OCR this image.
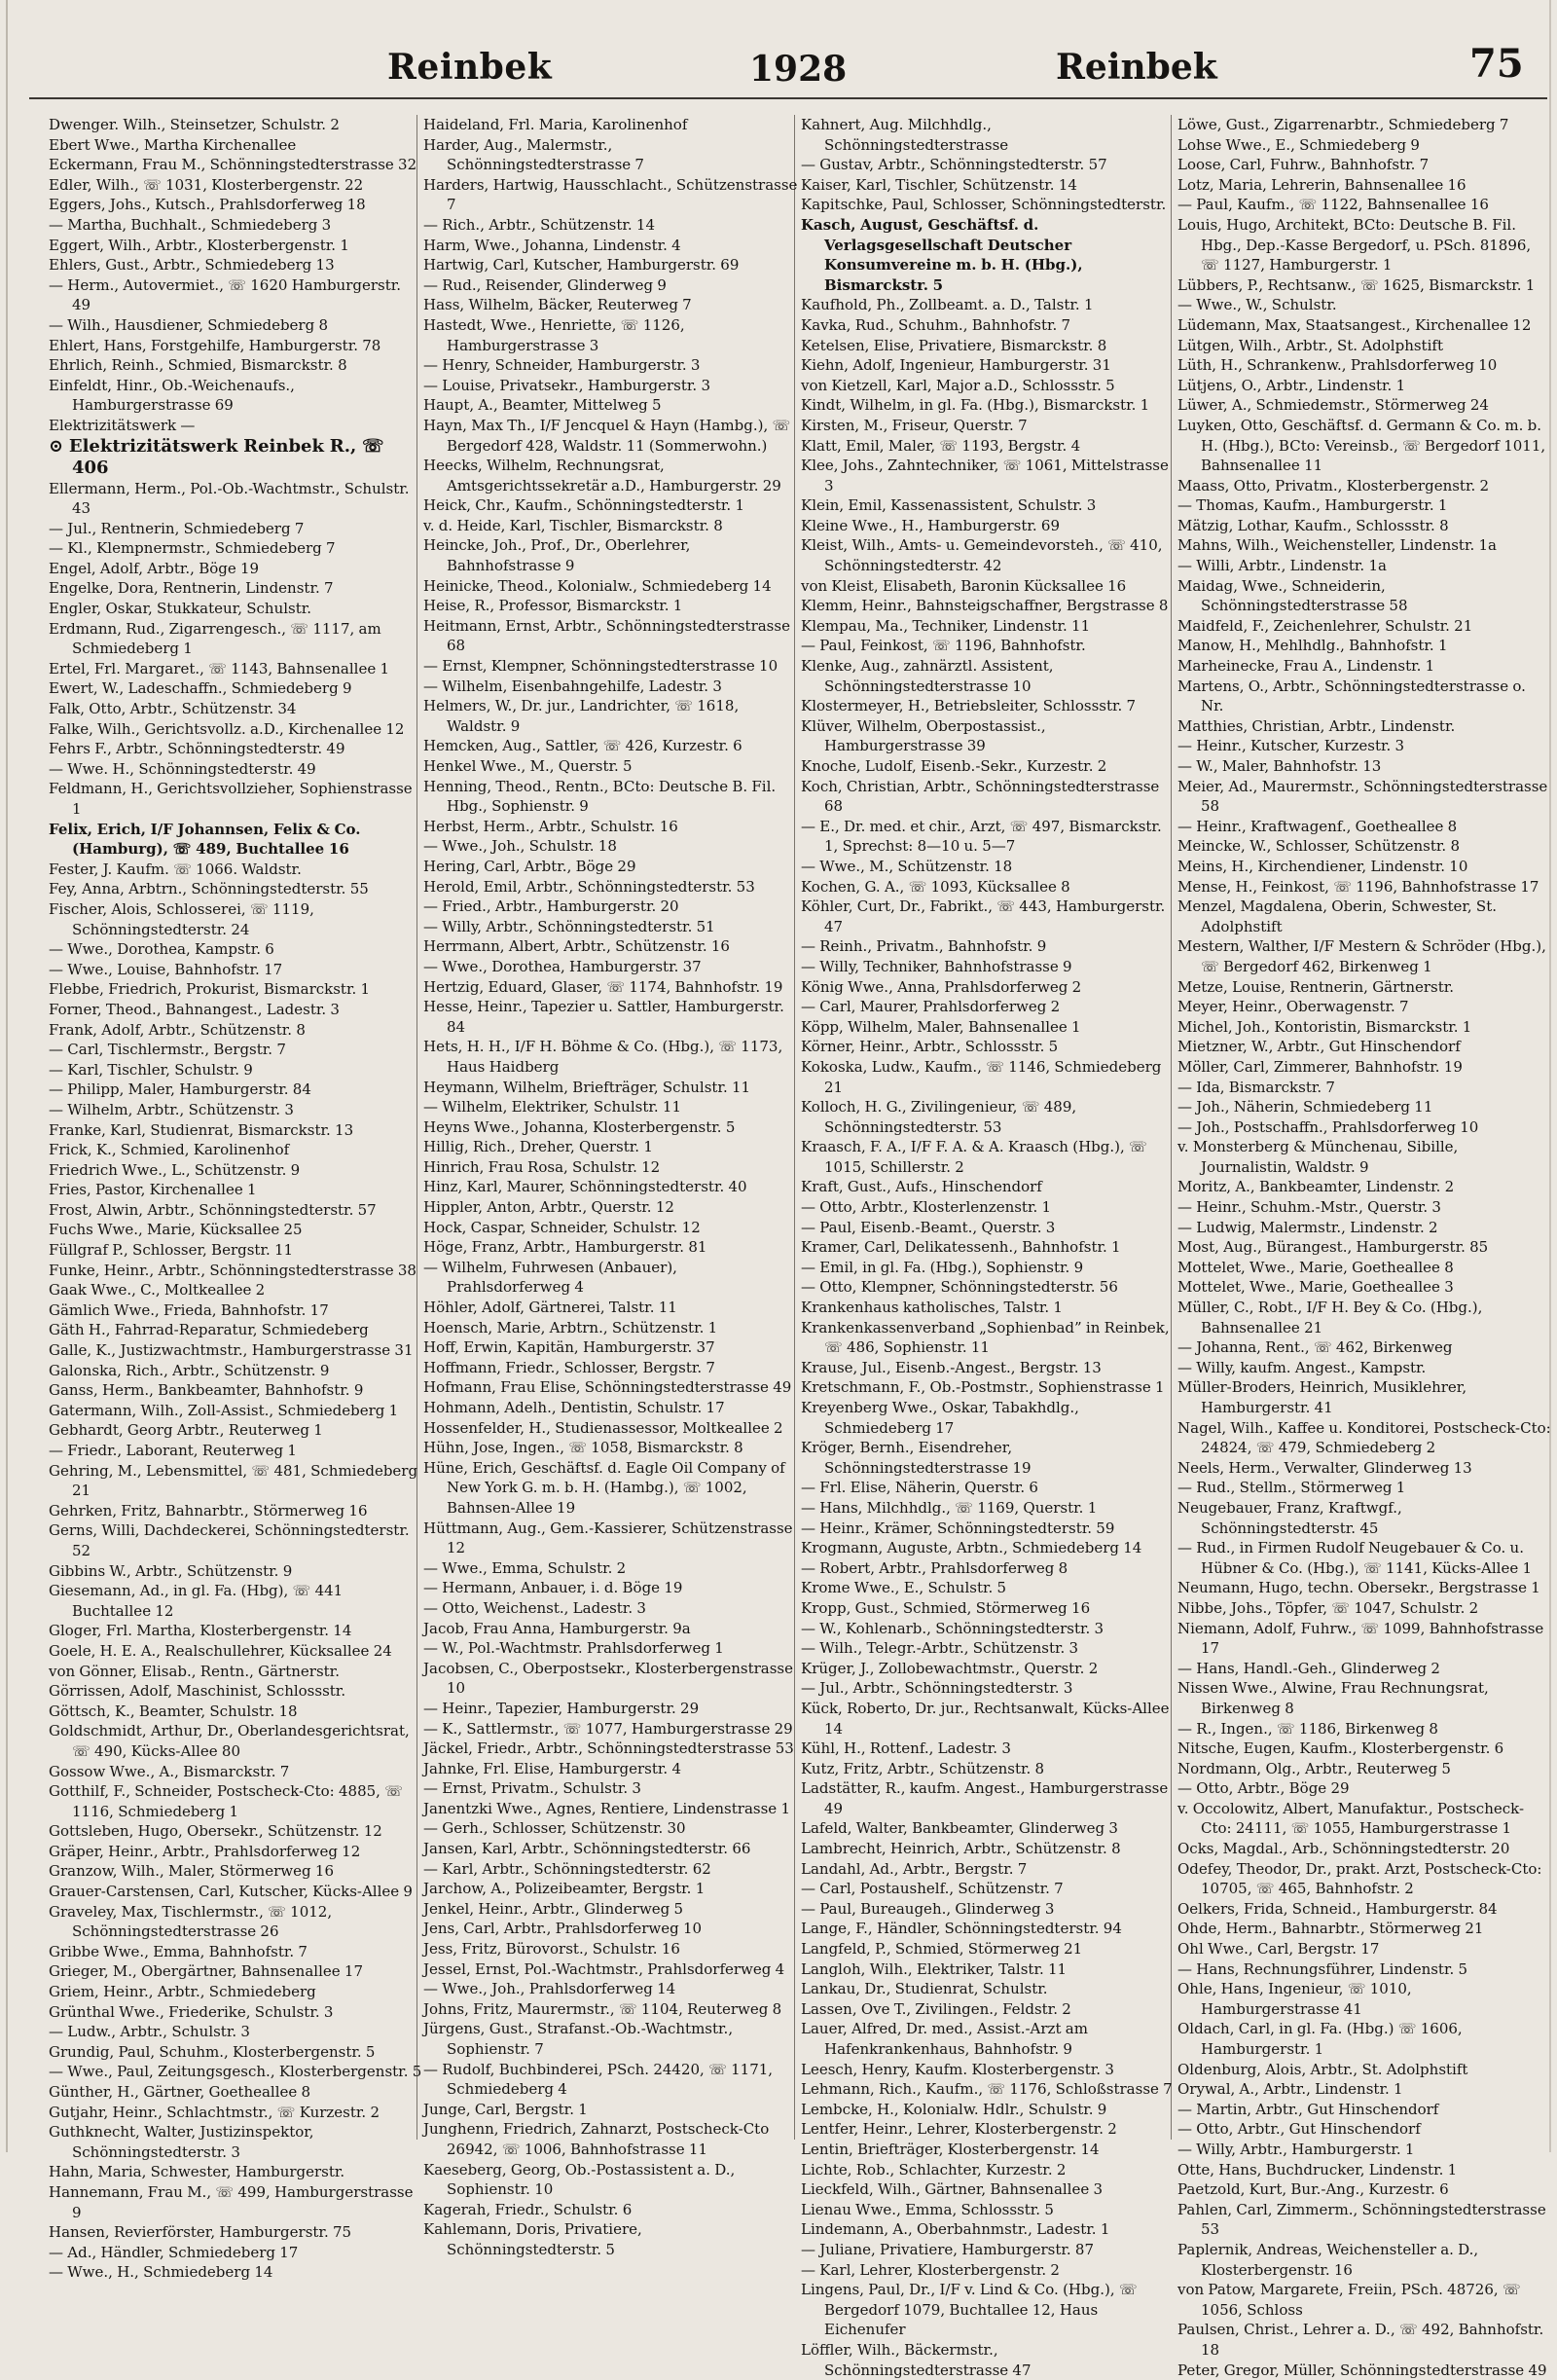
Reinbek	1928	Reinbek	75
Dwenger. Wilh., Steinsetzer, Schulstr. 2
Ebert Wwe., Martha Kirchenallee
Eckermann, Frau M., Schönningstedterstrasse 32
Edler, Wilh., ☏ 1031, Klosterbergenstr. 22
Eggers, Johs., Kutsch., Prahlsdorferweg 18
— Martha, Buchhalt., Schmiedeberg 3
Eggert, Wilh., Arbtr., Klosterbergenstr. 1
Ehlers, Gust., Arbtr., Schmiedeberg 13
— Herm., Autovermiet., ☏ 1620 Hamburgerstr. 49
— Wilh., Hausdiener, Schmiedeberg 8
Ehlert, Hans, Forstgehilfe, Hamburgerstr. 78
Ehrlich, Reinh., Schmied, Bismarckstr. 8
Einfeldt, Hinr., Ob.-Weichenaufs., Hamburgerstrasse 69
Elektrizitätswerk —
⊙ Elektrizitätswerk Reinbek R., ☏ 406
Ellermann, Herm., Pol.-Ob.-Wachtmstr., Schulstr. 43
— Jul., Rentnerin, Schmiedeberg 7
— Kl., Klempnermstr., Schmiedeberg 7
Engel, Adolf, Arbtr., Böge 19
Engelke, Dora, Rentnerin, Lindenstr. 7
Engler, Oskar, Stukkateur, Schulstr.
Erdmann, Rud., Zigarrengesch., ☏ 1117, am Schmiedeberg 1
Ertel, Frl. Margaret., ☏ 1143, Bahnsenallee 1
Ewert, W., Ladeschaffn., Schmiedeberg 9
Falk, Otto, Arbtr., Schützenstr. 34
Falke, Wilh., Gerichtsvollz. a.D., Kirchenallee 12
Fehrs F., Arbtr., Schönningstedterstr. 49
— Wwe. H., Schönningstedterstr. 49
Feldmann, H., Gerichtsvollzieher, Sophienstrasse 1
Felix, Erich, I/F Johannsen, Felix & Co. (Hamburg), ☏ 489, Buchtallee 16
Fester, J. Kaufm. ☏ 1066. Waldstr.
Fey, Anna, Arbtrn., Schönningstedterstr. 55
Fischer, Alois, Schlosserei, ☏ 1119, Schönningstedterstr. 24
— Wwe., Dorothea, Kampstr. 6
— Wwe., Louise, Bahnhofstr. 17
Flebbe, Friedrich, Prokurist, Bismarckstr. 1
Forner, Theod., Bahnangest., Ladestr. 3
Frank, Adolf, Arbtr., Schützenstr. 8
— Carl, Tischlermstr., Bergstr. 7
— Karl, Tischler, Schulstr. 9
— Philipp, Maler, Hamburgerstr. 84
— Wilhelm, Arbtr., Schützenstr. 3
Franke, Karl, Studienrat, Bismarckstr. 13
Frick, K., Schmied, Karolinenhof
Friedrich Wwe., L., Schützenstr. 9
Fries, Pastor, Kirchenallee 1
Frost, Alwin, Arbtr., Schönningstedterstr. 57
Fuchs Wwe., Marie, Kücksallee 25
Füllgraf P., Schlosser, Bergstr. 11
Funke, Heinr., Arbtr., Schönningstedterstrasse 38
Gaak Wwe., C., Moltkeallee 2
Gämlich Wwe., Frieda, Bahnhofstr. 17
Gäth H., Fahrrad-Reparatur, Schmiedeberg
Galle, K., Justizwachtmstr., Hamburgerstrasse 31
Galonska, Rich., Arbtr., Schützenstr. 9
Ganss, Herm., Bankbeamter, Bahnhofstr. 9
Gatermann, Wilh., Zoll-Assist., Schmiedeberg 1
Gebhardt, Georg Arbtr., Reuterweg 1
— Friedr., Laborant, Reuterweg 1
Gehring, M., Lebensmittel, ☏ 481, Schmiedeberg 21
Gehrken, Fritz, Bahnarbtr., Störmerweg 16
Gerns, Willi, Dachdeckerei, Schönningstedterstr. 52
Gibbins W., Arbtr., Schützenstr. 9
Giesemann, Ad., in gl. Fa. (Hbg), ☏ 441 Buchtallee 12
Gloger, Frl. Martha, Klosterbergenstr. 14
Goele, H. E. A., Realschullehrer, Kücksallee 24
von Gönner, Elisab., Rentn., Gärtnerstr.
Görrissen, Adolf, Maschinist, Schlossstr.
Göttsch, K., Beamter, Schulstr. 18
Goldschmidt, Arthur, Dr., Oberlandesgerichtsrat, ☏ 490, Kücks-Allee 80
Gossow Wwe., A., Bismarckstr. 7
Gotthilf, F., Schneider, Postscheck-Cto: 4885, ☏ 1116, Schmiedeberg 1
Gottsleben, Hugo, Obersekr., Schützenstr. 12
Gräper, Heinr., Arbtr., Prahlsdorferweg 12
Granzow, Wilh., Maler, Störmerweg 16
Grauer-Carstensen, Carl, Kutscher, Kücks-Allee 9
Graveley, Max, Tischlermstr., ☏ 1012, Schönningstedterstrasse 26
Gribbe Wwe., Emma, Bahnhofstr. 7
Grieger, M., Obergärtner, Bahnsenallee 17
Griem, Heinr., Arbtr., Schmiedeberg
Grünthal Wwe., Friederike, Schulstr. 3
— Ludw., Arbtr., Schulstr. 3
Grundig, Paul, Schuhm., Klosterbergenstr. 5
— Wwe., Paul, Zeitungsgesch., Klosterbergenstr. 5
Günther, H., Gärtner, Goetheallee 8
Gutjahr, Heinr., Schlachtmstr., ☏ Kurzestr. 2
Guthknecht, Walter, Justizinspektor, Schönningstedterstr. 3
Hahn, Maria, Schwester, Hamburgerstr.
Hannemann, Frau M., ☏ 499, Hamburgerstrasse 9
Hansen, Revierförster, Hamburgerstr. 75
— Ad., Händler, Schmiedeberg 17
— Wwe., H., Schmiedeberg 14
Haideland, Frl. Maria, Karolinenhof
Harder, Aug., Malermstr., Schönningstedterstrasse 7
Harders, Hartwig, Hausschlacht., Schützenstrasse 7
— Rich., Arbtr., Schützenstr. 14
Harm, Wwe., Johanna, Lindenstr. 4
Hartwig, Carl, Kutscher, Hamburgerstr. 69
— Rud., Reisender, Glinderweg 9
Hass, Wilhelm, Bäcker, Reuterweg 7
Hastedt, Wwe., Henriette, ☏ 1126, Hamburgerstrasse 3
— Henry, Schneider, Hamburgerstr. 3
— Louise, Privatsekr., Hamburgerstr. 3
Haupt, A., Beamter, Mittelweg 5
Hayn, Max Th., I/F Jencquel & Hayn (Hambg.), ☏ Bergedorf 428, Waldstr. 11 (Sommerwohn.)
Heecks, Wilhelm, Rechnungsrat, Amtsgerichtssekretär a.D., Hamburgerstr. 29
Heick, Chr., Kaufm., Schönningstedterstr. 1
v. d. Heide, Karl, Tischler, Bismarckstr. 8
Heincke, Joh., Prof., Dr., Oberlehrer, Bahnhofstrasse 9
Heinicke, Theod., Kolonialw., Schmiedeberg 14
Heise, R., Professor, Bismarckstr. 1
Heitmann, Ernst, Arbtr., Schönningstedterstrasse 68
— Ernst, Klempner, Schönningstedterstrasse 10
— Wilhelm, Eisenbahngehilfe, Ladestr. 3
Helmers, W., Dr. jur., Landrichter, ☏ 1618, Waldstr. 9
Hemcken, Aug., Sattler, ☏ 426, Kurzestr. 6
Henkel Wwe., M., Querstr. 5
Henning, Theod., Rentn., BCto: Deutsche B. Fil. Hbg., Sophienstr. 9
Herbst, Herm., Arbtr., Schulstr. 16
— Wwe., Joh., Schulstr. 18
Hering, Carl, Arbtr., Böge 29
Herold, Emil, Arbtr., Schönningstedterstr. 53
— Fried., Arbtr., Hamburgerstr. 20
— Willy, Arbtr., Schönningstedterstr. 51
Herrmann, Albert, Arbtr., Schützenstr. 16
— Wwe., Dorothea, Hamburgerstr. 37
Hertzig, Eduard, Glaser, ☏ 1174, Bahnhofstr. 19
Hesse, Heinr., Tapezier u. Sattler, Hamburgerstr. 84
Hets, H. H., I/F H. Böhme & Co. (Hbg.), ☏ 1173, Haus Haidberg
Heymann, Wilhelm, Briefträger, Schulstr. 11
— Wilhelm, Elektriker, Schulstr. 11
Heyns Wwe., Johanna, Klosterbergenstr. 5
Hillig, Rich., Dreher, Querstr. 1
Hinrich, Frau Rosa, Schulstr. 12
Hinz, Karl, Maurer, Schönningstedterstr. 40
Hippler, Anton, Arbtr., Querstr. 12
Hock, Caspar, Schneider, Schulstr. 12
Höge, Franz, Arbtr., Hamburgerstr. 81
— Wilhelm, Fuhrwesen (Anbauer), Prahlsdorferweg 4
Höhler, Adolf, Gärtnerei, Talstr. 11
Hoensch, Marie, Arbtrn., Schützenstr. 1
Hoff, Erwin, Kapitän, Hamburgerstr. 37
Hoffmann, Friedr., Schlosser, Bergstr. 7
Hofmann, Frau Elise, Schönningstedterstrasse 49
Hohmann, Adelh., Dentistin, Schulstr. 17
Hossenfelder, H., Studienassessor, Moltkeallee 2
Hühn, Jose, Ingen., ☏ 1058, Bismarckstr. 8
Hüne, Erich, Geschäftsf. d. Eagle Oil Company of New York G. m. b. H. (Hambg.), ☏ 1002, Bahnsen-Allee 19
Hüttmann, Aug., Gem.-Kassierer, Schützenstrasse 12
— Wwe., Emma, Schulstr. 2
— Hermann, Anbauer, i. d. Böge 19
— Otto, Weichenst., Ladestr. 3
Jacob, Frau Anna, Hamburgerstr. 9a
— W., Pol.-Wachtmstr. Prahlsdorferweg 1
Jacobsen, C., Oberpostsekr., Klosterbergenstrasse 10
— Heinr., Tapezier, Hamburgerstr. 29
— K., Sattlermstr., ☏ 1077, Hamburgerstrasse 29
Jäckel, Friedr., Arbtr., Schönningstedterstrasse 53
Jahnke, Frl. Elise, Hamburgerstr. 4
— Ernst, Privatm., Schulstr. 3
Janentzki Wwe., Agnes, Rentiere, Lindenstrasse 1
— Gerh., Schlosser, Schützenstr. 30
Jansen, Karl, Arbtr., Schönningstedterstr. 66
— Karl, Arbtr., Schönningstedterstr. 62
Jarchow, A., Polizeibeamter, Bergstr. 1
Jenkel, Heinr., Arbtr., Glinderweg 5
Jens, Carl, Arbtr., Prahlsdorferweg 10
Jess, Fritz, Bürovorst., Schulstr. 16
Jessel, Ernst, Pol.-Wachtmstr., Prahlsdorferweg 4
— Wwe., Joh., Prahlsdorferweg 14
Johns, Fritz, Maurermstr., ☏ 1104, Reuterweg 8
Jürgens, Gust., Strafanst.-Ob.-Wachtmstr., Sophienstr. 7
— Rudolf, Buchbinderei, PSch. 24420, ☏ 1171, Schmiedeberg 4
Junge, Carl, Bergstr. 1
Junghenn, Friedrich, Zahnarzt, Postscheck-Cto 26942, ☏ 1006, Bahnhofstrasse 11
Kaeseberg, Georg, Ob.-Postassistent a. D., Sophienstr. 10
Kagerah, Friedr., Schulstr. 6
Kahlemann, Doris, Privatiere, Schönningstedterstr. 5
Kahnert, Aug. Milchhdlg., Schönningstedterstrasse
— Gustav, Arbtr., Schönningstedterstr. 57
Kaiser, Karl, Tischler, Schützenstr. 14
Kapitschke, Paul, Schlosser, Schönningstedterstr.
Kasch, August, Geschäftsf. d. Verlagsgesellschaft Deutscher Konsumvereine m. b. H. (Hbg.), Bismarckstr. 5
Kaufhold, Ph., Zollbeamt. a. D., Talstr. 1
Kavka, Rud., Schuhm., Bahnhofstr. 7
Ketelsen, Elise, Privatiere, Bismarckstr. 8
Kiehn, Adolf, Ingenieur, Hamburgerstr. 31
von Kietzell, Karl, Major a.D., Schlossstr. 5
Kindt, Wilhelm, in gl. Fa. (Hbg.), Bismarckstr. 1
Kirsten, M., Friseur, Querstr. 7
Klatt, Emil, Maler, ☏ 1193, Bergstr. 4
Klee, Johs., Zahntechniker, ☏ 1061, Mittelstrasse 3
Klein, Emil, Kassenassistent, Schulstr. 3
Kleine Wwe., H., Hamburgerstr. 69
Kleist, Wilh., Amts- u. Gemeindevorsteh., ☏ 410, Schönningstedterstr. 42
von Kleist, Elisabeth, Baronin Kücksallee 16
Klemm, Heinr., Bahnsteigschaffner, Bergstrasse 8
Klempau, Ma., Techniker, Lindenstr. 11
— Paul, Feinkost, ☏ 1196, Bahnhofstr.
Klenke, Aug., zahnärztl. Assistent, Schönningstedterstrasse 10
Klostermeyer, H., Betriebsleiter, Schlossstr. 7
Klüver, Wilhelm, Oberpostassist., Hamburgerstrasse 39
Knoche, Ludolf, Eisenb.-Sekr., Kurzestr. 2
Koch, Christian, Arbtr., Schönningstedterstrasse 68
— E., Dr. med. et chir., Arzt, ☏ 497, Bismarckstr. 1, Sprechst: 8—10 u. 5—7
— Wwe., M., Schützenstr. 18
Kochen, G. A., ☏ 1093, Kücksallee 8
Köhler, Curt, Dr., Fabrikt., ☏ 443, Hamburgerstr. 47
— Reinh., Privatm., Bahnhofstr. 9
— Willy, Techniker, Bahnhofstrasse 9
König Wwe., Anna, Prahlsdorferweg 2
— Carl, Maurer, Prahlsdorferweg 2
Köpp, Wilhelm, Maler, Bahnsenallee 1
Körner, Heinr., Arbtr., Schlossstr. 5
Kokoska, Ludw., Kaufm., ☏ 1146, Schmiedeberg 21
Kolloch, H. G., Zivilingenieur, ☏ 489, Schönningstedterstr. 53
Kraasch, F. A., I/F F. A. & A. Kraasch (Hbg.), ☏ 1015, Schillerstr. 2
Kraft, Gust., Aufs., Hinschendorf
— Otto, Arbtr., Klosterlenzenstr. 1
— Paul, Eisenb.-Beamt., Querstr. 3
Kramer, Carl, Delikatessenh., Bahnhofstr. 1
— Emil, in gl. Fa. (Hbg.), Sophienstr. 9
— Otto, Klempner, Schönningstedterstr. 56
Krankenhaus katholisches, Talstr. 1
Krankenkassenverband „Sophienbad” in Reinbek, ☏ 486, Sophienstr. 11
Krause, Jul., Eisenb.-Angest., Bergstr. 13
Kretschmann, F., Ob.-Postmstr., Sophienstrasse 1
Kreyenberg Wwe., Oskar, Tabakhdlg., Schmiedeberg 17
Kröger, Bernh., Eisendreher, Schönningstedterstrasse 19
— Frl. Elise, Näherin, Querstr. 6
— Hans, Milchhdlg., ☏ 1169, Querstr. 1
— Heinr., Krämer, Schönningstedterstr. 59
Krogmann, Auguste, Arbtn., Schmiedeberg 14
— Robert, Arbtr., Prahlsdorferweg 8
Krome Wwe., E., Schulstr. 5
Kropp, Gust., Schmied, Störmerweg 16
— W., Kohlenarb., Schönningstedterstr. 3
— Wilh., Telegr.-Arbtr., Schützenstr. 3
Krüger, J., Zollobewachtmstr., Querstr. 2
— Jul., Arbtr., Schönningstedterstr. 3
Kück, Roberto, Dr. jur., Rechtsanwalt, Kücks-Allee 14
Kühl, H., Rottenf., Ladestr. 3
Kutz, Fritz, Arbtr., Schützenstr. 8
Ladstätter, R., kaufm. Angest., Hamburgerstrasse 49
Lafeld, Walter, Bankbeamter, Glinderweg 3
Lambrecht, Heinrich, Arbtr., Schützenstr. 8
Landahl, Ad., Arbtr., Bergstr. 7
— Carl, Postaushelf., Schützenstr. 7
— Paul, Bureaugeh., Glinderweg 3
Lange, F., Händler, Schönningstedterstr. 94
Langfeld, P., Schmied, Störmerweg 21
Langloh, Wilh., Elektriker, Talstr. 11
Lankau, Dr., Studienrat, Schulstr.
Lassen, Ove T., Zivilingen., Feldstr. 2
Lauer, Alfred, Dr. med., Assist.-Arzt am Hafenkrankenhaus, Bahnhofstr. 9
Leesch, Henry, Kaufm. Klosterbergenstr. 3
Lehmann, Rich., Kaufm., ☏ 1176, Schloßstrasse 7
Lembcke, H., Kolonialw. Hdlr., Schulstr. 9
Lentfer, Heinr., Lehrer, Klosterbergenstr. 2
Lentin, Briefträger, Klosterbergenstr. 14
Lichte, Rob., Schlachter, Kurzestr. 2
Lieckfeld, Wilh., Gärtner, Bahnsenallee 3
Lienau Wwe., Emma, Schlossstr. 5
Lindemann, A., Oberbahnmstr., Ladestr. 1
— Juliane, Privatiere, Hamburgerstr. 87
— Karl, Lehrer, Klosterbergenstr. 2
Lingens, Paul, Dr., I/F v. Lind & Co. (Hbg.), ☏ Bergedorf 1079, Buchtallee 12, Haus Eichenufer
Löffler, Wilh., Bäckermstr., Schönningstedterstrasse 47
Löwe, Gust., Zigarrenarbtr., Schmiedeberg 7
Lohse Wwe., E., Schmiedeberg 9
Loose, Carl, Fuhrw., Bahnhofstr. 7
Lotz, Maria, Lehrerin, Bahnsenallee 16
— Paul, Kaufm., ☏ 1122, Bahnsenallee 16
Louis, Hugo, Architekt, BCto: Deutsche B. Fil. Hbg., Dep.-Kasse Bergedorf, u. PSch. 81896, ☏ 1127, Hamburgerstr. 1
Lübbers, P., Rechtsanw., ☏ 1625, Bismarckstr. 1
— Wwe., W., Schulstr.
Lüdemann, Max, Staatsangest., Kirchenallee 12
Lütgen, Wilh., Arbtr., St. Adolphstift
Lüth, H., Schrankenw., Prahlsdorferweg 10
Lütjens, O., Arbtr., Lindenstr. 1
Lüwer, A., Schmiedemstr., Störmerweg 24
Luyken, Otto, Geschäftsf. d. Germann & Co. m. b. H. (Hbg.), BCto: Vereinsb., ☏ Bergedorf 1011, Bahnsenallee 11
Maass, Otto, Privatm., Klosterbergenstr. 2
— Thomas, Kaufm., Hamburgerstr. 1
Mätzig, Lothar, Kaufm., Schlossstr. 8
Mahns, Wilh., Weichensteller, Lindenstr. 1a
— Willi, Arbtr., Lindenstr. 1a
Maidag, Wwe., Schneiderin, Schönningstedterstrasse 58
Maidfeld, F., Zeichenlehrer, Schulstr. 21
Manow, H., Mehlhdlg., Bahnhofstr. 1
Marheinecke, Frau A., Lindenstr. 1
Martens, O., Arbtr., Schönningstedterstrasse o. Nr.
Matthies, Christian, Arbtr., Lindenstr.
— Heinr., Kutscher, Kurzestr. 3
— W., Maler, Bahnhofstr. 13
Meier, Ad., Maurermstr., Schönningstedterstrasse 58
— Heinr., Kraftwagenf., Goetheallee 8
Meincke, W., Schlosser, Schützenstr. 8
Meins, H., Kirchendiener, Lindenstr. 10
Mense, H., Feinkost, ☏ 1196, Bahnhofstrasse 17
Menzel, Magdalena, Oberin, Schwester, St. Adolphstift
Mestern, Walther, I/F Mestern & Schröder (Hbg.), ☏ Bergedorf 462, Birkenweg 1
Metze, Louise, Rentnerin, Gärtnerstr.
Meyer, Heinr., Oberwagenstr. 7
Michel, Joh., Kontoristin, Bismarckstr. 1
Mietzner, W., Arbtr., Gut Hinschendorf
Möller, Carl, Zimmerer, Bahnhofstr. 19
— Ida, Bismarckstr. 7
— Joh., Näherin, Schmiedeberg 11
— Joh., Postschaffn., Prahlsdorferweg 10
v. Monsterberg & Münchenau, Sibille, Journalistin, Waldstr. 9
Moritz, A., Bankbeamter, Lindenstr. 2
— Heinr., Schuhm.-Mstr., Querstr. 3
— Ludwig, Malermstr., Lindenstr. 2
Most, Aug., Bürangest., Hamburgerstr. 85
Mottelet, Wwe., Marie, Goetheallee 8
Mottelet, Wwe., Marie, Goetheallee 3
Müller, C., Robt., I/F H. Bey & Co. (Hbg.), Bahnsenallee 21
— Johanna, Rent., ☏ 462, Birkenweg
— Willy, kaufm. Angest., Kampstr.
Müller-Broders, Heinrich, Musiklehrer, Hamburgerstr. 41
Nagel, Wilh., Kaffee u. Konditorei, Postscheck-Cto: 24824, ☏ 479, Schmiedeberg 2
Neels, Herm., Verwalter, Glinderweg 13
— Rud., Stellm., Störmerweg 1
Neugebauer, Franz, Kraftwgf., Schönningstedterstr. 45
— Rud., in Firmen Rudolf Neugebauer & Co. u. Hübner & Co. (Hbg.), ☏ 1141, Kücks-Allee 1
Neumann, Hugo, techn. Obersekr., Bergstrasse 1
Nibbe, Johs., Töpfer, ☏ 1047, Schulstr. 2
Niemann, Adolf, Fuhrw., ☏ 1099, Bahnhofstrasse 17
— Hans, Handl.-Geh., Glinderweg 2
Nissen Wwe., Alwine, Frau Rechnungsrat, Birkenweg 8
— R., Ingen., ☏ 1186, Birkenweg 8
Nitsche, Eugen, Kaufm., Klosterbergenstr. 6
Nordmann, Olg., Arbtr., Reuterweg 5
— Otto, Arbtr., Böge 29
v. Occolowitz, Albert, Manufaktur., Postscheck-Cto: 24111, ☏ 1055, Hamburgerstrasse 1
Ocks, Magdal., Arb., Schönningstedterstr. 20
Odefey, Theodor, Dr., prakt. Arzt, Postscheck-Cto: 10705, ☏ 465, Bahnhofstr. 2
Oelkers, Frida, Schneid., Hamburgerstr. 84
Ohde, Herm., Bahnarbtr., Störmerweg 21
Ohl Wwe., Carl, Bergstr. 17
— Hans, Rechnungsführer, Lindenstr. 5
Ohle, Hans, Ingenieur, ☏ 1010, Hamburgerstrasse 41
Oldach, Carl, in gl. Fa. (Hbg.) ☏ 1606, Hamburgerstr. 1
Oldenburg, Alois, Arbtr., St. Adolphstift
Orywal, A., Arbtr., Lindenstr. 1
— Martin, Arbtr., Gut Hinschendorf
— Otto, Arbtr., Gut Hinschendorf
— Willy, Arbtr., Hamburgerstr. 1
Otte, Hans, Buchdrucker, Lindenstr. 1
Paetzold, Kurt, Bur.-Ang., Kurzestr. 6
Pahlen, Carl, Zimmerm., Schönningstedterstrasse 53
Paplernik, Andreas, Weichensteller a. D., Klosterbergenstr. 16
von Patow, Margarete, Freiin, PSch. 48726, ☏ 1056, Schloss
Paulsen, Christ., Lehrer a. D., ☏ 492, Bahnhofstr. 18
Peter, Gregor, Müller, Schönningstedterstrasse 49
